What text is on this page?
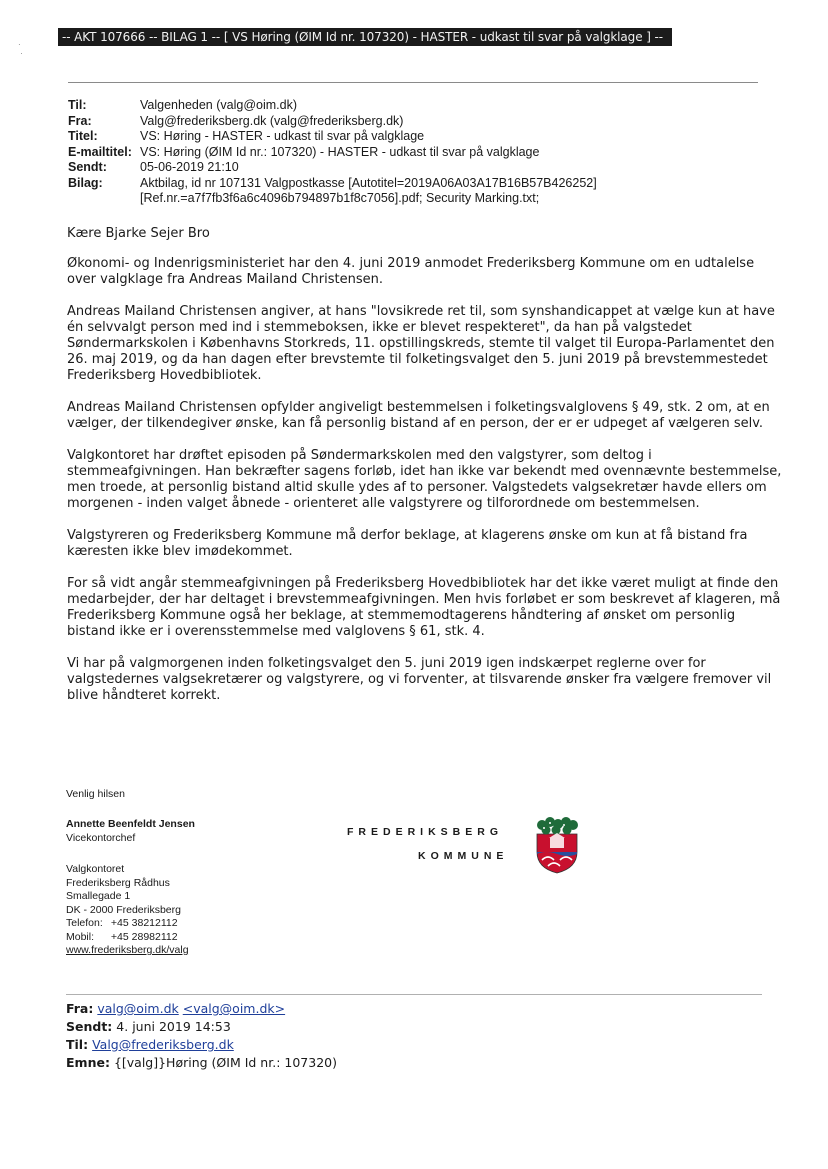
-- AKT 107666 -- BILAG 1 -- [ VS Høring (ØIM Id nr. 107320) - HASTER - udkast til svar på valgklage ] --
·
·
Til:	Valgenheden (valg@oim.dk)
Fra:	Valg@frederiksberg.dk (valg@frederiksberg.dk)
Titel:	VS: Høring - HASTER - udkast til svar på valgklage
E-mailtitel: VS: Høring (ØIM Id nr.: 107320) - HASTER - udkast til svar på valgklage
Sendt:	05-06-2019 21:10
Bilag:	Aktbilag, id nr 107131 Valgpostkasse [Autotitel=2019A06A03A17B16B57B426252]
[Ref.nr.=a7f7fb3f6a6c4096b794897b1f8c7056].pdf; Security Marking.txt;

Kære Bjarke Sejer Bro

Økonomi- og Indenrigsministeriet har den 4. juni 2019 anmodet Frederiksberg Kommune om en udtalelse over valgklage fra Andreas Mailand Christensen.

Andreas Mailand Christensen angiver, at hans "lovsikrede ret til, som synshandicappet at vælge kun at have én selvvalgt person med ind i stemmeboksen, ikke er blevet respekteret", da han på valgstedet Søndermarkskolen i Københavns Storkreds, 11. opstillingskreds, stemte til valget til Europa-Parlamentet den 26. maj 2019, og da han dagen efter brevstemte til folketingsvalget den 5. juni 2019 på brevstemmestedet Frederiksberg Hovedbibliotek.

Andreas Mailand Christensen opfylder angiveligt bestemmelsen i folketingsvalglovens § 49, stk. 2 om, at en vælger, der tilkendegiver ønske, kan få personlig bistand af en person, der er er udpeget af vælgeren selv.

Valgkontoret har drøftet episoden på Søndermarkskolen med den valgstyrer, som deltog i stemmeafgivningen. Han bekræfter sagens forløb, idet han ikke var bekendt med ovennævnte bestemmelse, men troede, at personlig bistand altid skulle ydes af to personer. Valgstedets valgsekretær havde ellers om morgenen - inden valget åbnede - orienteret alle valgstyrere og tilforordnede om bestemmelsen.

Valgstyreren og Frederiksberg Kommune må derfor beklage, at klagerens ønske om kun at få bistand fra kæresten ikke blev imødekommet.

For så vidt angår stemmeafgivningen på Frederiksberg Hovedbibliotek har det ikke været muligt at finde den medarbejder, der har deltaget i brevstemmeafgivningen. Men hvis forløbet er som beskrevet af klageren, må Frederiksberg Kommune også her beklage, at stemmemodtagerens håndtering af ønsket om personlig bistand ikke er i overensstemmelse med valglovens § 61, stk. 4.

Vi har på valgmorgenen inden folketingsvalget den 5. juni 2019 igen indskærpet reglerne over for valgstedernes valgsekretærer og valgstyrere, og vi forventer, at tilsvarende ønsker fra vælgere fremover vil blive håndteret korrekt.

Venlig hilsen
Annette Beenfeldt Jensen
Vicekontorchef
Valgkontoret
Frederiksberg Rådhus
Smallegade 1
DK - 2000 Frederiksberg
Telefon: +45 38212112
Mobil: +45 28982112
www.frederiksberg.dk/valg
FREDERIKSBERG
KOMMUNE
Fra: valg@oim.dk <valg@oim.dk>
Sendt: 4. juni 2019 14:53
Til: Valg@frederiksberg.dk
Emne: {[valg]}Høring (ØIM Id nr.: 107320)
